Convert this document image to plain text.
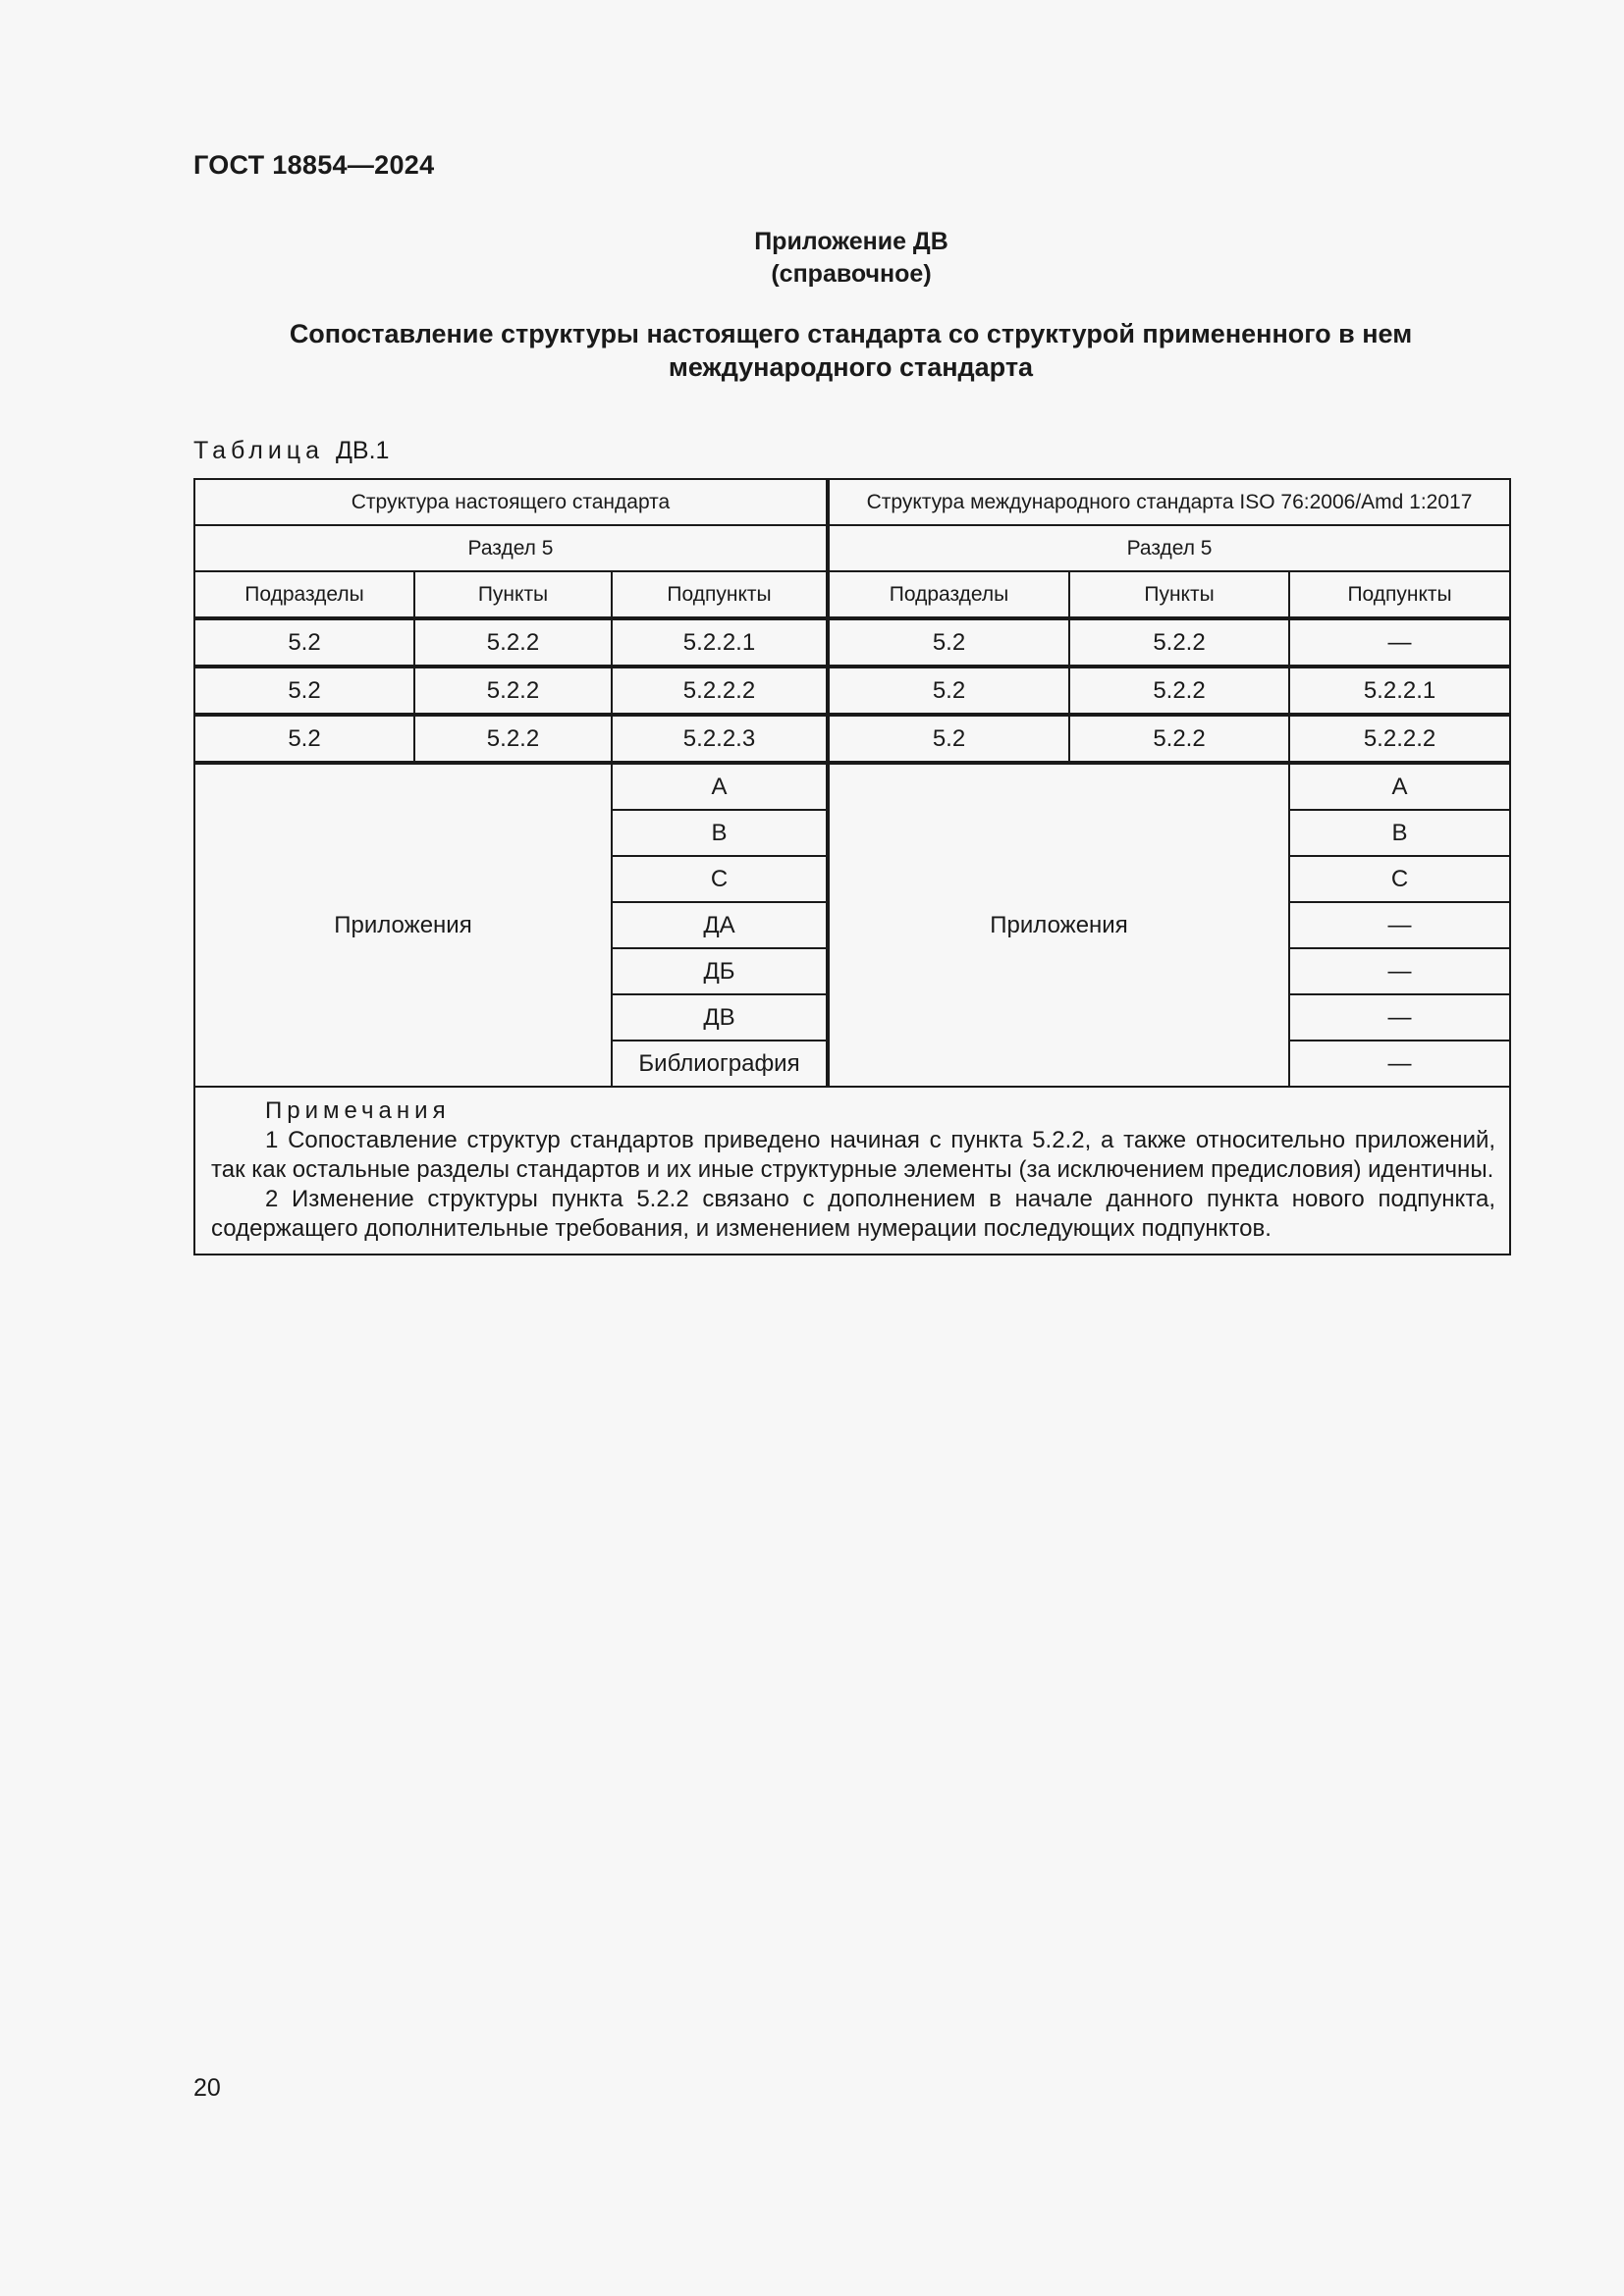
ГОСТ 18854—2024
Приложение ДВ
(справочное)
Сопоставление структуры настоящего стандарта со структурой примененного в нем международного стандарта
Таблица ДВ.1
Структура настоящего стандарта			Структура международного стандарта ISO 76:2006/Amd 1:2017		
Раздел 5			Раздел 5		
Подразделы	Пункты	Подпункты	Подразделы	Пункты	Подпункты
5.2	5.2.2	5.2.2.1	5.2	5.2.2	—
5.2	5.2.2	5.2.2.2	5.2	5.2.2	5.2.2.1
5.2	5.2.2	5.2.2.3	5.2	5.2.2	5.2.2.2
Приложения		А	Приложения		А
		В			В
		С			С
		ДА			—
		ДБ			—
		ДВ			—
		Библиография			—

Примечания
1 Сопоставление структур стандартов приведено начиная с пункта 5.2.2, а также относительно приложений, так как остальные разделы стандартов и их иные структурные элементы (за исключением предисловия) идентичны.
2 Изменение структуры пункта 5.2.2 связано с дополнением в начале данного пункта нового подпункта, содержащего дополнительные требования, и изменением нумерации последующих подпунктов.					
20
